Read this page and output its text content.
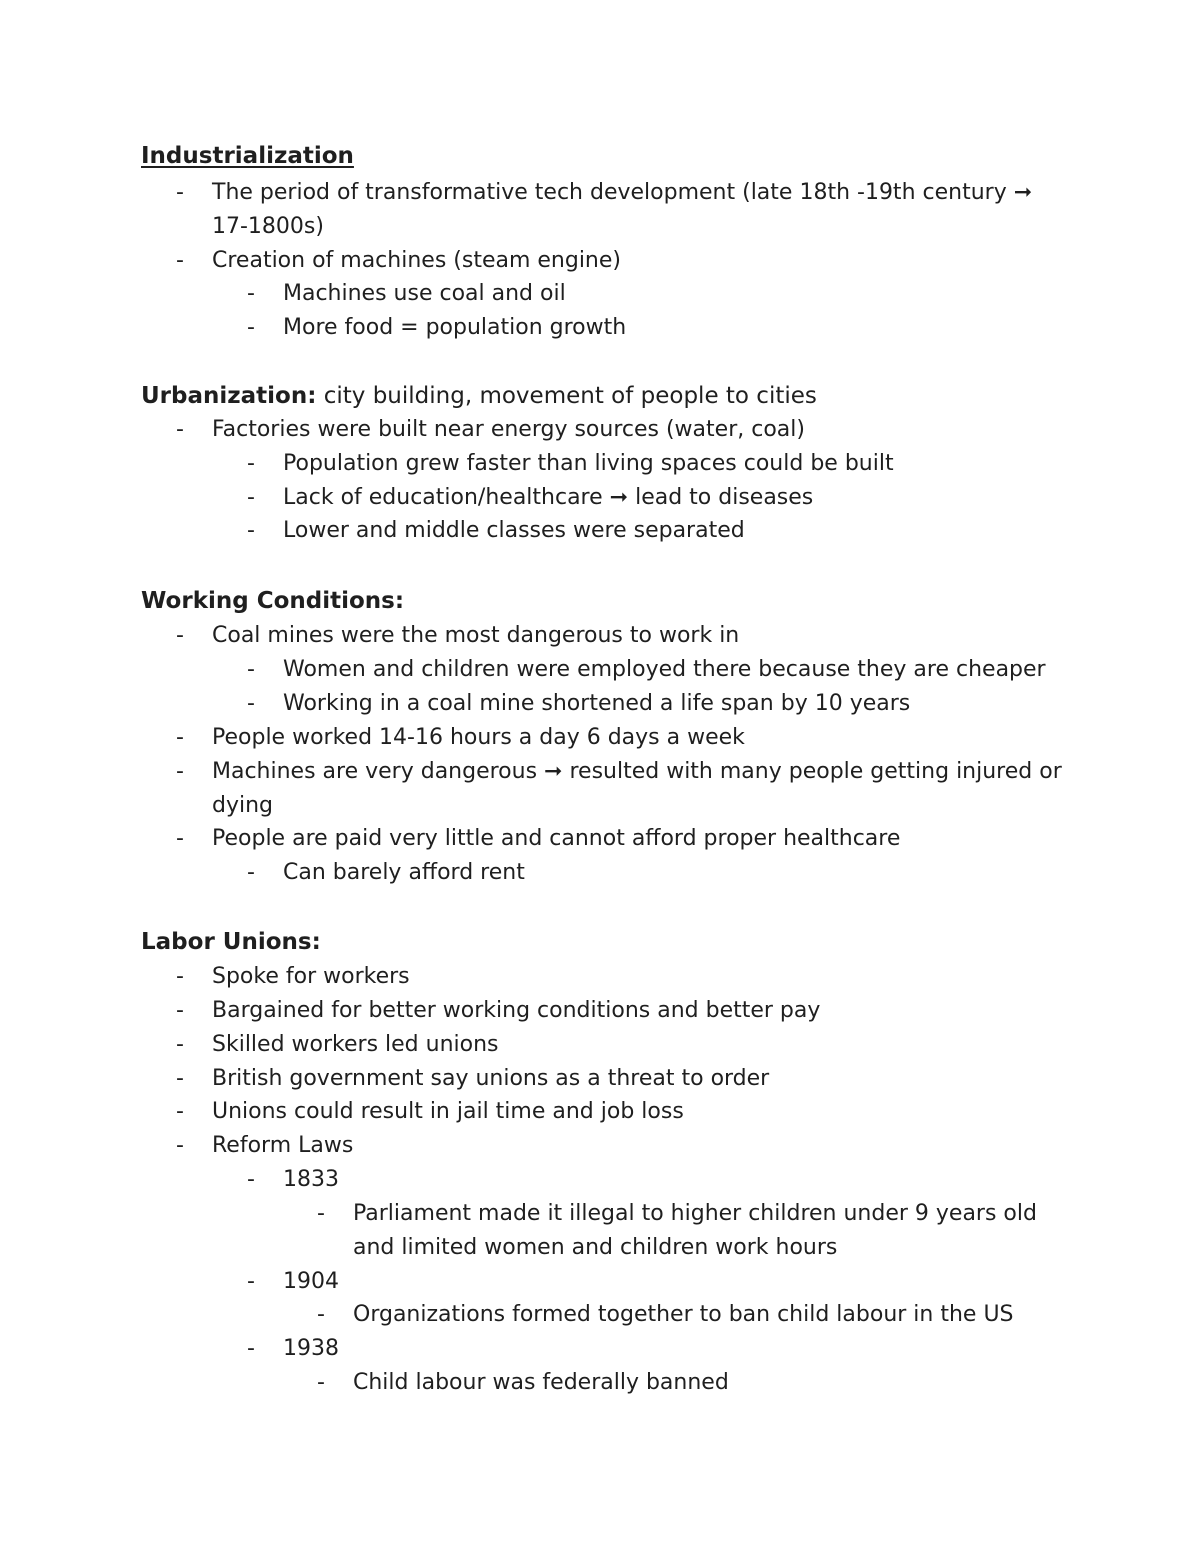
Industrialization
- The period of transformative tech development (late 18th -19th century ➞
17-1800s)
- Creation of machines (steam engine)
- Machines use coal and oil
- More food = population growth
Urbanization: city building, movement of people to cities
- Factories were built near energy sources (water, coal)
- Population grew faster than living spaces could be built
- Lack of education/healthcare ➞ lead to diseases
- Lower and middle classes were separated
Working Conditions:
- Coal mines were the most dangerous to work in
- Women and children were employed there because they are cheaper
- Working in a coal mine shortened a life span by 10 years
- People worked 14-16 hours a day 6 days a week
- Machines are very dangerous ➞ resulted with many people getting injured or
dying
- People are paid very little and cannot afford proper healthcare
- Can barely afford rent
Labor Unions:
- Spoke for workers
- Bargained for better working conditions and better pay
- Skilled workers led unions
- British government say unions as a threat to order
- Unions could result in jail time and job loss
- Reform Laws
- 1833
- Parliament made it illegal to higher children under 9 years old
and limited women and children work hours
- 1904
- Organizations formed together to ban child labour in the US
- 1938
- Child labour was federally banned
